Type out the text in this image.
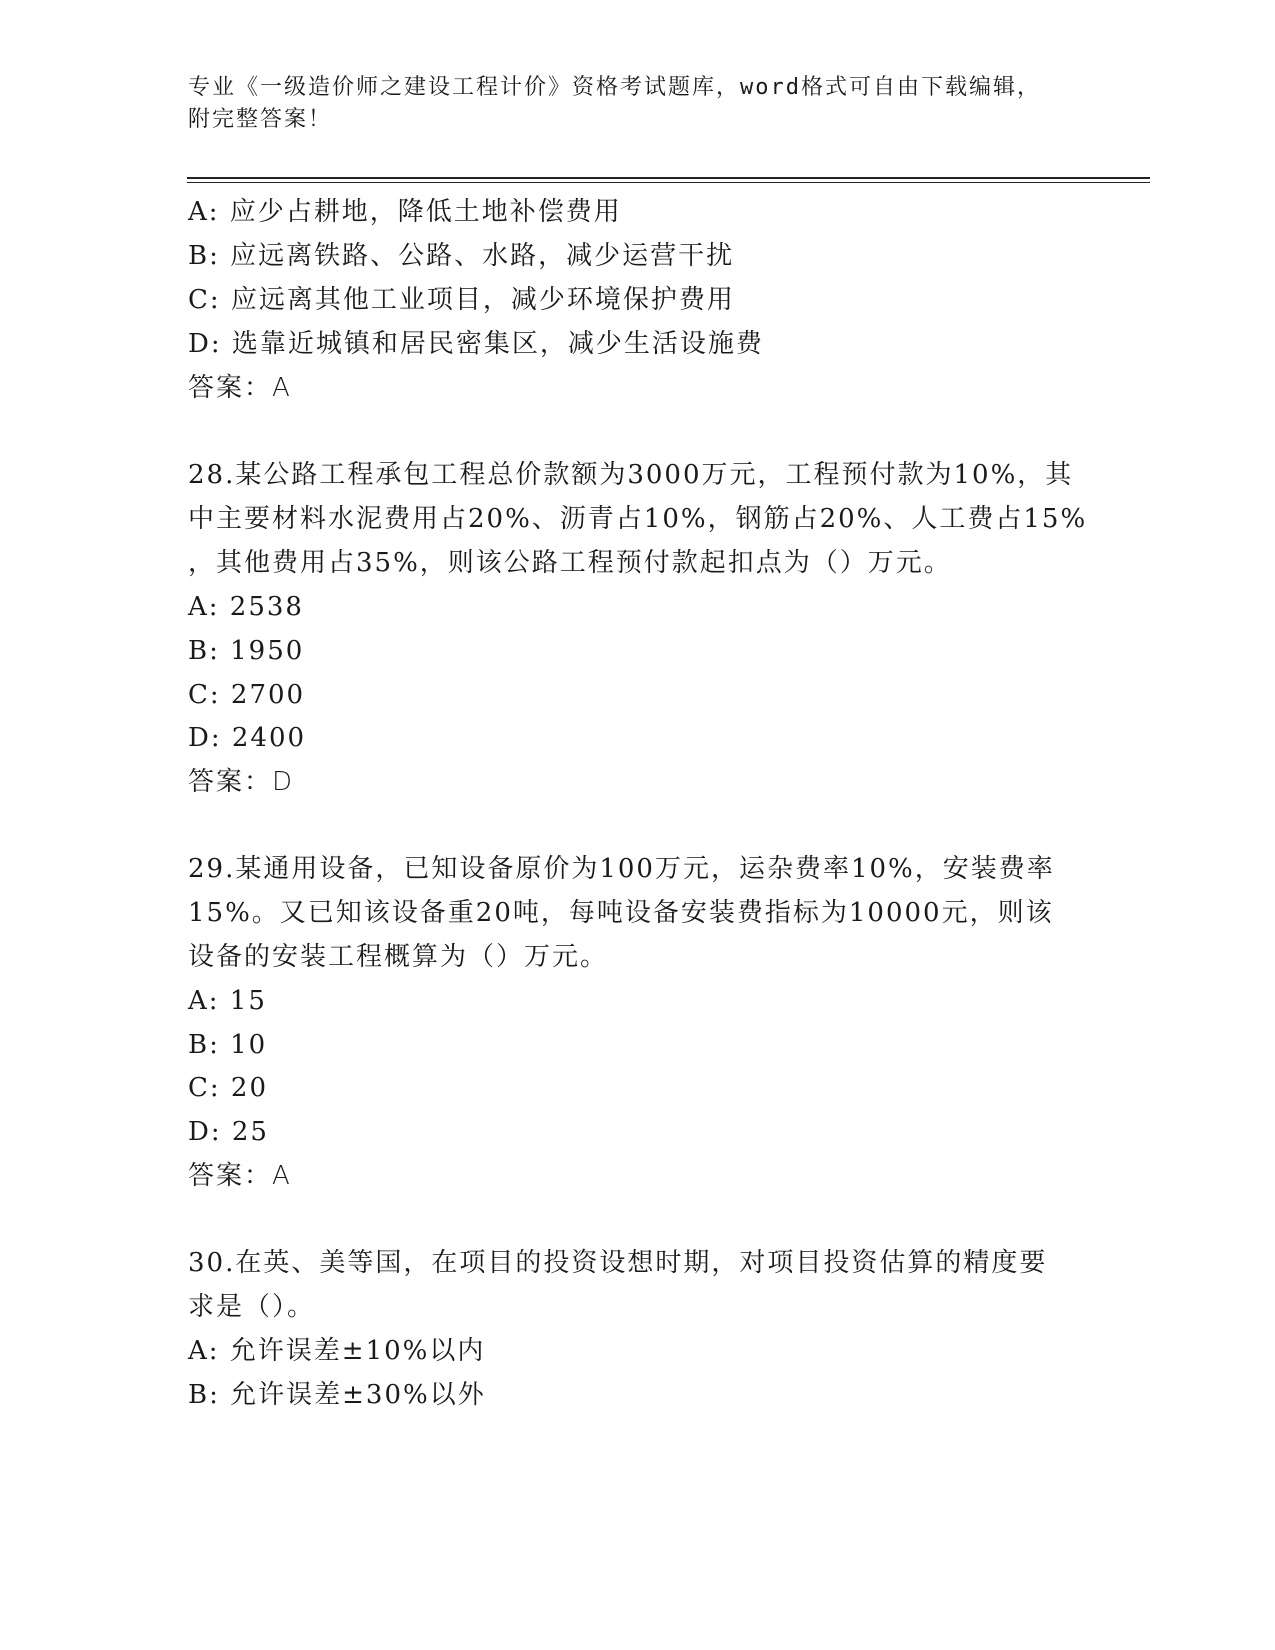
专业《一级造价师之建设工程计价》资格考试题库，word格式可自由下载编辑，
附完整答案！
A: 应少占耕地，降低土地补偿费用
B: 应远离铁路、公路、水路，减少运营干扰
C: 应远离其他工业项目，减少环境保护费用
D: 选靠近城镇和居民密集区，减少生活设施费
答案：A
28.某公路工程承包工程总价款额为3000万元，工程预付款为10%，其
中主要材料水泥费用占20%、沥青占10%，钢筋占20%、人工费占15%
，其他费用占35%，则该公路工程预付款起扣点为（）万元。
A: 2538
B: 1950
C: 2700
D: 2400
答案：D
29.某通用设备，已知设备原价为100万元，运杂费率10%，安装费率
15%。又已知该设备重20吨，每吨设备安装费指标为10000元，则该
设备的安装工程概算为（）万元。
A: 15
B: 10
C: 20
D: 25
答案：A
30.在英、美等国，在项目的投资设想时期，对项目投资估算的精度要
求是（）。
A: 允许误差±10%以内
B: 允许误差±30%以外
